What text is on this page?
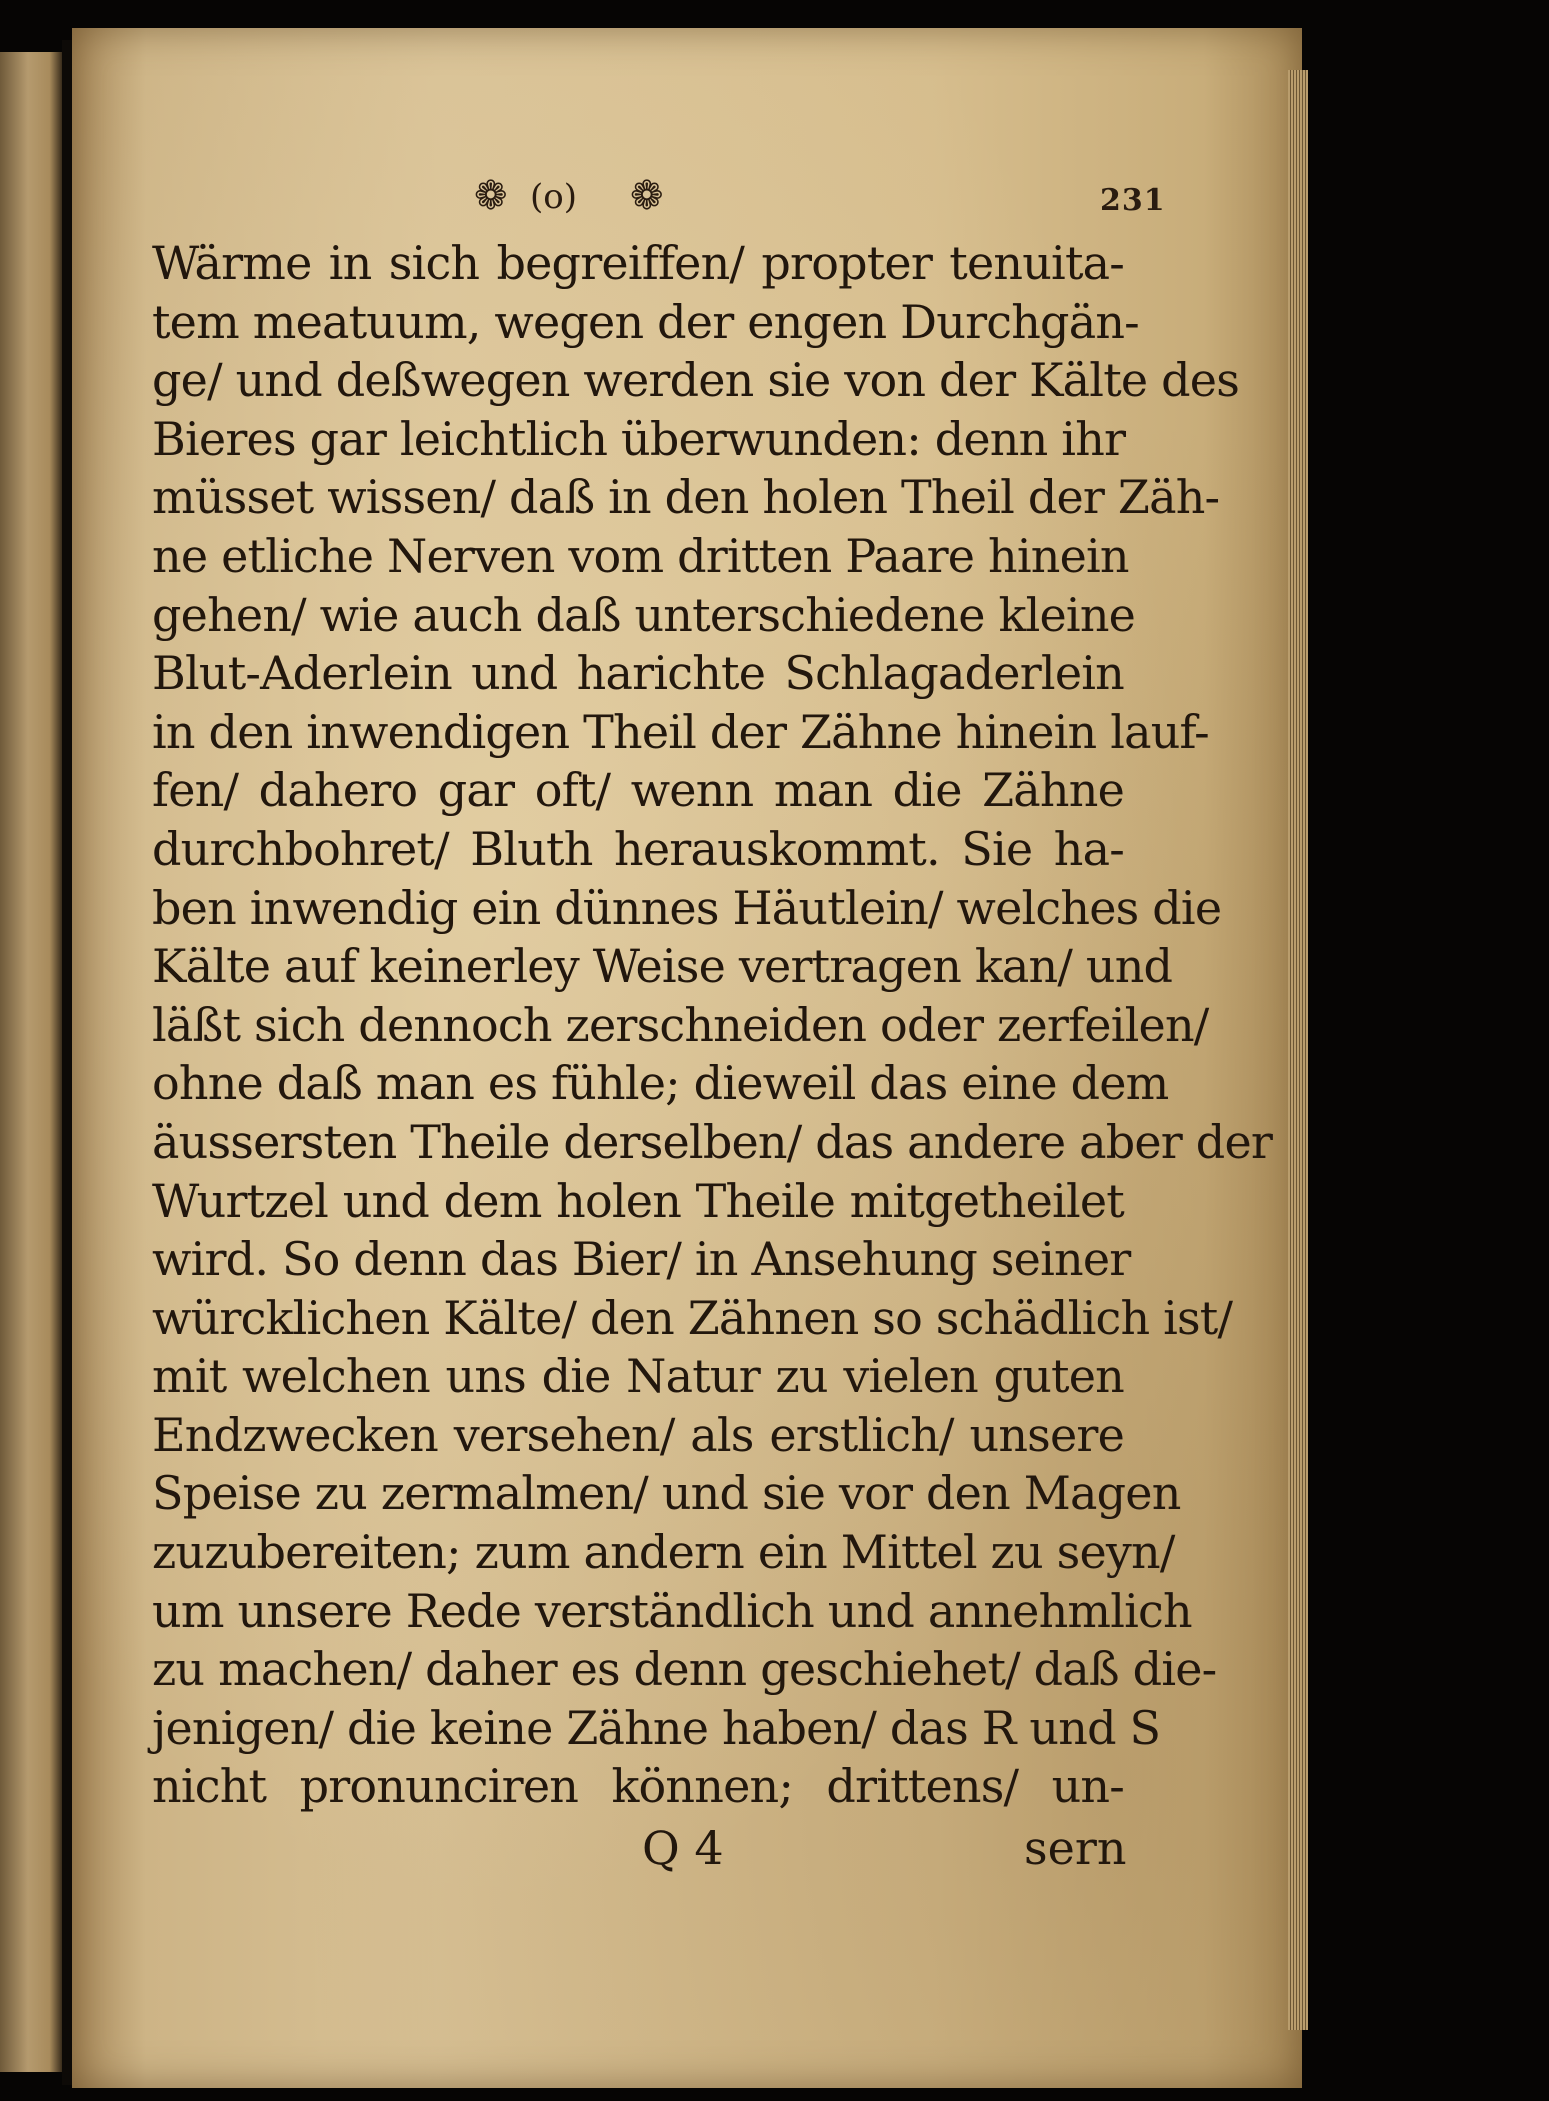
❁ (o) ❁	231
Wärme in sich begreiffen/ propter tenuita-
tem meatuum, wegen der engen Durchgän-
ge/ und deßwegen werden sie von der Kälte des
Bieres gar leichtlich überwunden: denn ihr
müsset wissen/ daß in den holen Theil der Zäh-
ne etliche Nerven vom dritten Paare hinein
gehen/ wie auch daß unterschiedene kleine
Blut-Aderlein und harichte Schlagaderlein
in den inwendigen Theil der Zähne hinein lauf-
fen/ dahero gar oft/ wenn man die Zähne
durchbohret/ Bluth herauskommt. Sie ha-
ben inwendig ein dünnes Häutlein/ welches die
Kälte auf keinerley Weise vertragen kan/ und
läßt sich dennoch zerschneiden oder zerfeilen/
ohne daß man es fühle; dieweil das eine dem
äussersten Theile derselben/ das andere aber der
Wurtzel und dem holen Theile mitgetheilet
wird. So denn das Bier/ in Ansehung seiner
würcklichen Kälte/ den Zähnen so schädlich ist/
mit welchen uns die Natur zu vielen guten
Endzwecken versehen/ als erstlich/ unsere
Speise zu zermalmen/ und sie vor den Magen
zuzubereiten; zum andern ein Mittel zu seyn/
um unsere Rede verständlich und annehmlich
zu machen/ daher es denn geschiehet/ daß die-
jenigen/ die keine Zähne haben/ das R und S
nicht pronunciren können; drittens/ un-
Q 4	sern
